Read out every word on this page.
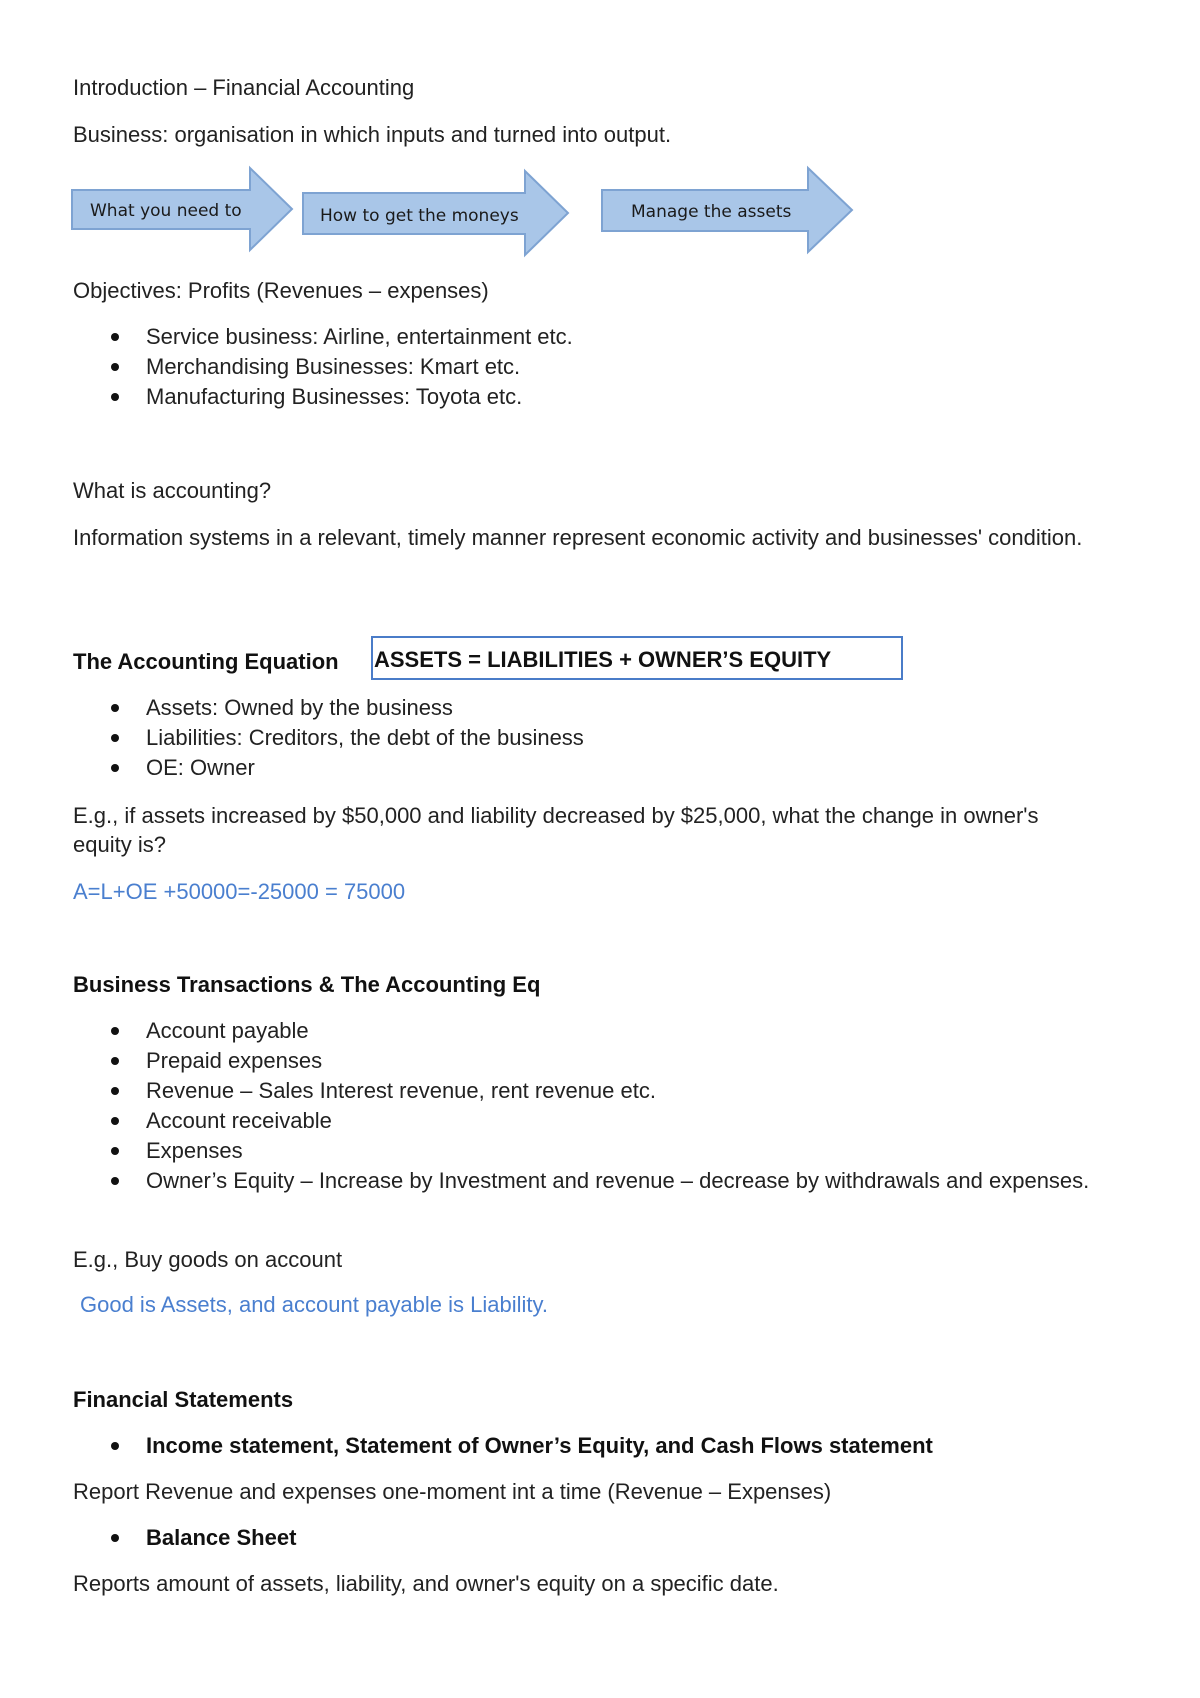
Introduction – Financial Accounting
Business: organisation in which inputs and turned into output.
What you need to	How to get the moneys	Manage the assets
Objectives: Profits (Revenues – expenses)
Service business: Airline, entertainment etc.
Merchandising Businesses: Kmart etc.
Manufacturing Businesses: Toyota etc.
What is accounting?
Information systems in a relevant, timely manner represent economic activity and businesses' condition.
The Accounting Equation ASSETS = LIABILITIES + OWNER’S EQUITY
Assets: Owned by the business
Liabilities: Creditors, the debt of the business
OE: Owner
E.g., if assets increased by $50,000 and liability decreased by $25,000, what the change in owner's equity is?
A=L+OE +50000=-25000 = 75000
Business Transactions & The Accounting Eq
Account payable
Prepaid expenses
Revenue – Sales Interest revenue, rent revenue etc.
Account receivable
Expenses
Owner’s Equity – Increase by Investment and revenue – decrease by withdrawals and expenses.
E.g., Buy goods on account
Good is Assets, and account payable is Liability.
Financial Statements
Income statement, Statement of Owner’s Equity, and Cash Flows statement
Report Revenue and expenses one-moment int a time (Revenue – Expenses)
Balance Sheet
Reports amount of assets, liability, and owner's equity on a specific date.
